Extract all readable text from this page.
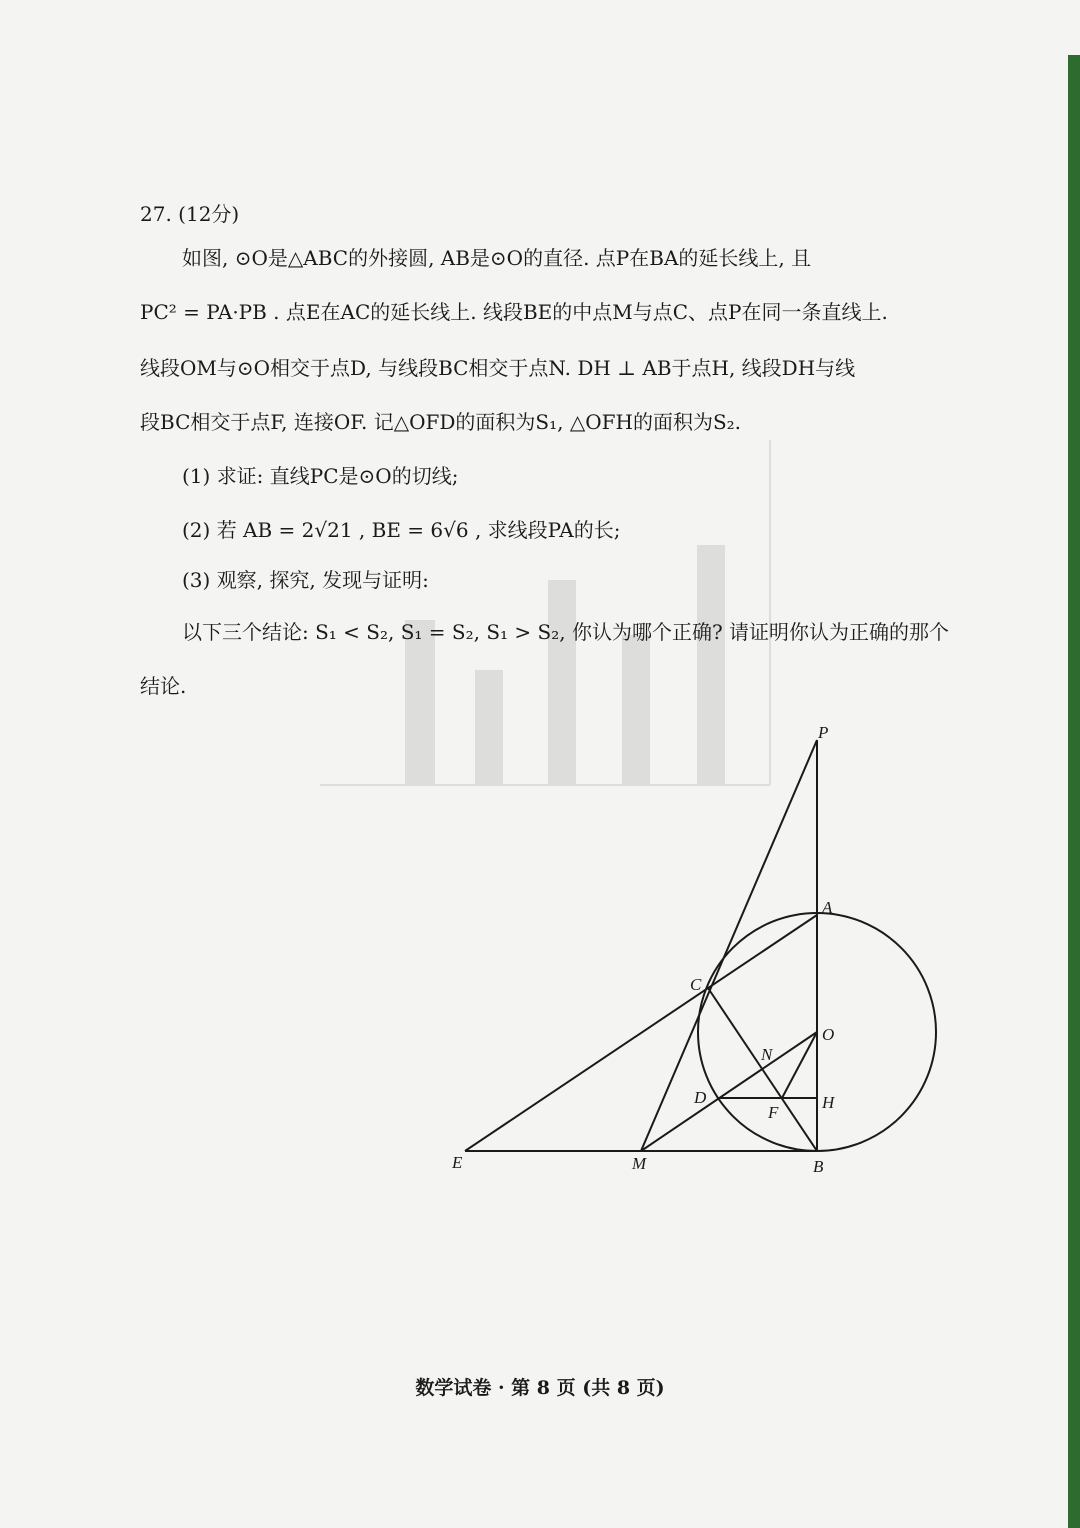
27. (12分)
如图, ⊙O是△ABC的外接圆, AB是⊙O的直径. 点P在BA的延长线上, 且
PC² = PA·PB . 点E在AC的延长线上. 线段BE的中点M与点C、点P在同一条直线上.
线段OM与⊙O相交于点D, 与线段BC相交于点N. DH ⊥ AB于点H, 线段DH与线
段BC相交于点F, 连接OF. 记△OFD的面积为S₁, △OFH的面积为S₂.
(1) 求证: 直线PC是⊙O的切线;
(2) 若 AB = 2√21 , BE = 6√6 , 求线段PA的长;
(3) 观察, 探究, 发现与证明:
以下三个结论: S₁ < S₂, S₁ = S₂, S₁ > S₂, 你认为哪个正确? 请证明你认为正确的那个
结论.
P
A
C
O
N
D
F
H
E	M	B
数学试卷 · 第 8 页 (共 8 页)
